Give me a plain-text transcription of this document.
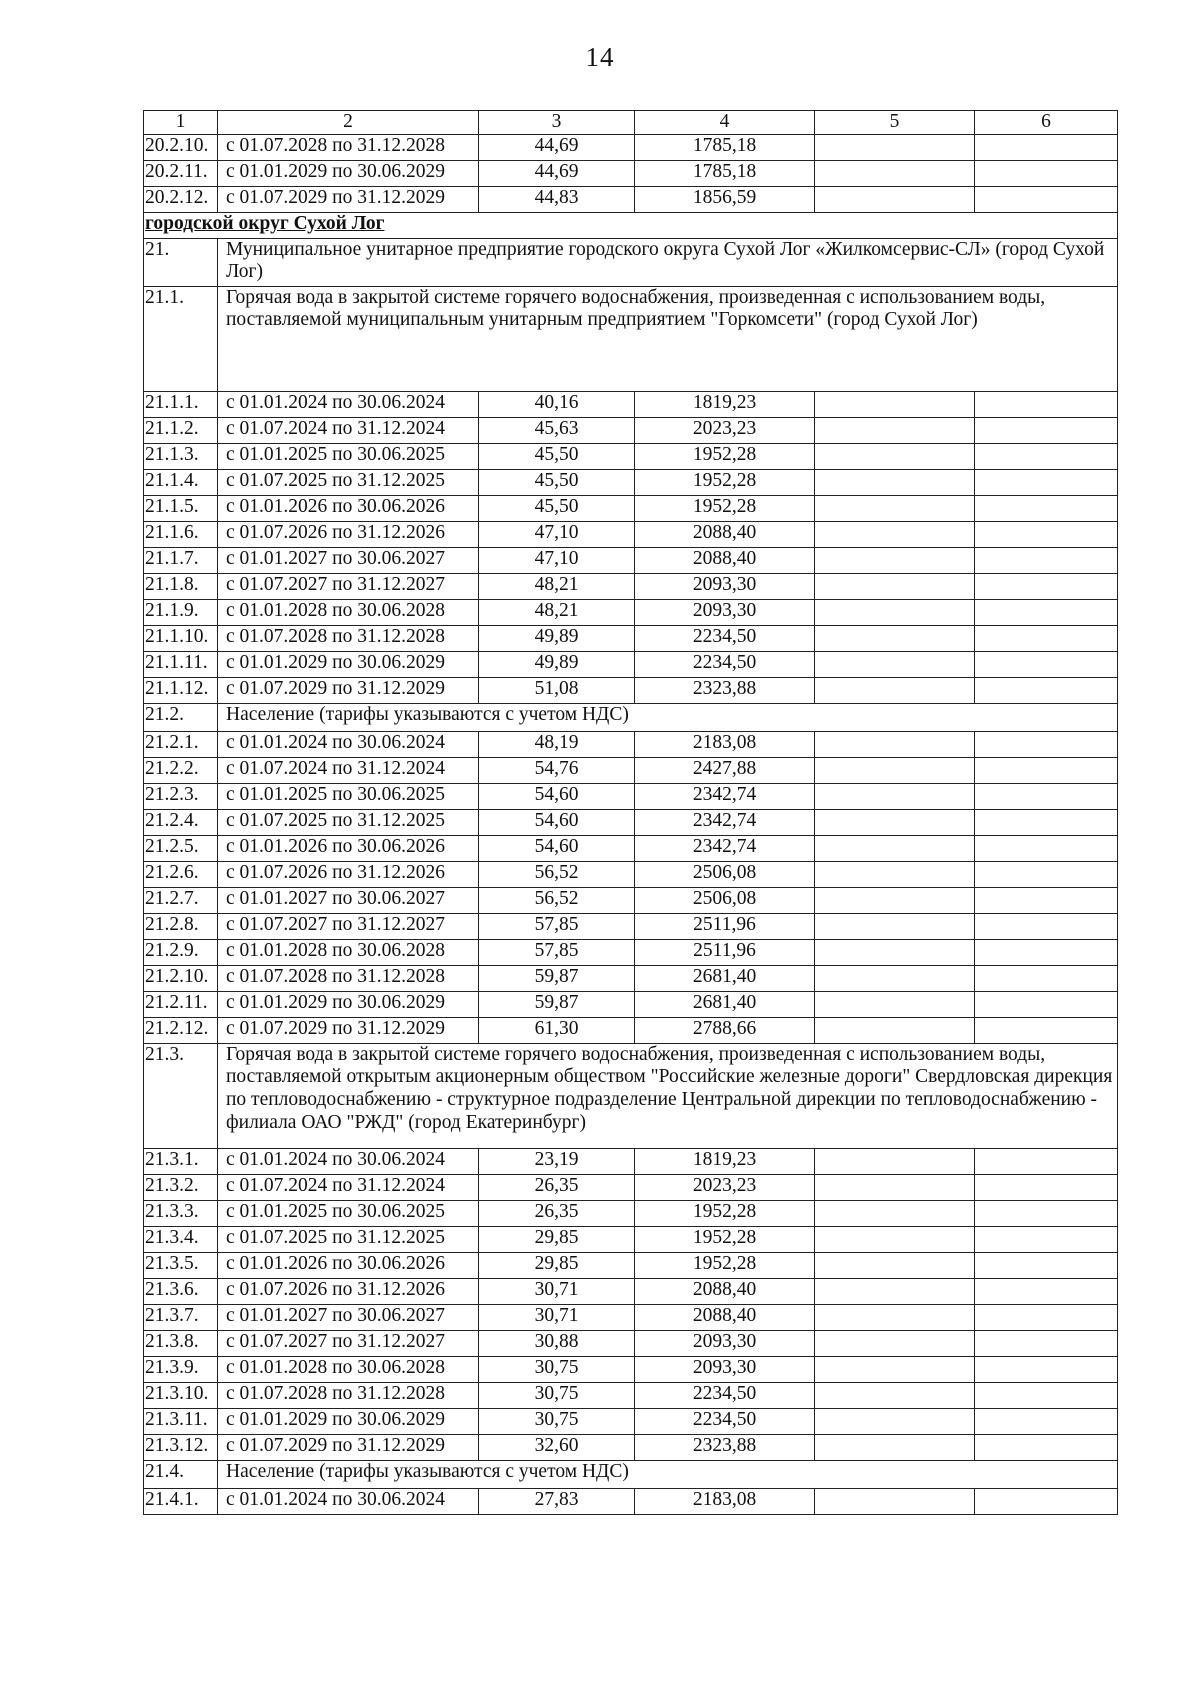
14
1	2	3	4	5	6
20.2.10.	с 01.07.2028 по 31.12.2028	44,69	1785,18		
20.2.11.	с 01.01.2029 по 30.06.2029	44,69	1785,18		
20.2.12.	с 01.07.2029 по 31.12.2029	44,83	1856,59		
городской округ Сухой Лог					
21.	Муниципальное унитарное предприятие городского округа Сухой Лог «Жилкомсервис-СЛ» (город Сухой Лог)				
21.1.	Горячая вода в закрытой системе горячего водоснабжения, произведенная с использованием воды, поставляемой муниципальным унитарным предприятием "Горкомсети" (город Сухой Лог)				
21.1.1.	с 01.01.2024 по 30.06.2024	40,16	1819,23		
21.1.2.	с 01.07.2024 по 31.12.2024	45,63	2023,23		
21.1.3.	с 01.01.2025 по 30.06.2025	45,50	1952,28		
21.1.4.	с 01.07.2025 по 31.12.2025	45,50	1952,28		
21.1.5.	с 01.01.2026 по 30.06.2026	45,50	1952,28		
21.1.6.	с 01.07.2026 по 31.12.2026	47,10	2088,40		
21.1.7.	с 01.01.2027 по 30.06.2027	47,10	2088,40		
21.1.8.	с 01.07.2027 по 31.12.2027	48,21	2093,30		
21.1.9.	с 01.01.2028 по 30.06.2028	48,21	2093,30		
21.1.10.	с 01.07.2028 по 31.12.2028	49,89	2234,50		
21.1.11.	с 01.01.2029 по 30.06.2029	49,89	2234,50		
21.1.12.	с 01.07.2029 по 31.12.2029	51,08	2323,88		
21.2.	Население (тарифы указываются с учетом НДС)				
21.2.1.	с 01.01.2024 по 30.06.2024	48,19	2183,08		
21.2.2.	с 01.07.2024 по 31.12.2024	54,76	2427,88		
21.2.3.	с 01.01.2025 по 30.06.2025	54,60	2342,74		
21.2.4.	с 01.07.2025 по 31.12.2025	54,60	2342,74		
21.2.5.	с 01.01.2026 по 30.06.2026	54,60	2342,74		
21.2.6.	с 01.07.2026 по 31.12.2026	56,52	2506,08		
21.2.7.	с 01.01.2027 по 30.06.2027	56,52	2506,08		
21.2.8.	с 01.07.2027 по 31.12.2027	57,85	2511,96		
21.2.9.	с 01.01.2028 по 30.06.2028	57,85	2511,96		
21.2.10.	с 01.07.2028 по 31.12.2028	59,87	2681,40		
21.2.11.	с 01.01.2029 по 30.06.2029	59,87	2681,40		
21.2.12.	с 01.07.2029 по 31.12.2029	61,30	2788,66		
21.3.	Горячая вода в закрытой системе горячего водоснабжения, произведенная с использованием воды, поставляемой открытым акционерным обществом "Российские железные дороги" Свердловская дирекция по тепловодоснабжению - структурное подразделение Центральной дирекции по тепловодоснабжению - филиала ОАО "РЖД" (город Екатеринбург)				
21.3.1.	с 01.01.2024 по 30.06.2024	23,19	1819,23		
21.3.2.	с 01.07.2024 по 31.12.2024	26,35	2023,23		
21.3.3.	с 01.01.2025 по 30.06.2025	26,35	1952,28		
21.3.4.	с 01.07.2025 по 31.12.2025	29,85	1952,28		
21.3.5.	с 01.01.2026 по 30.06.2026	29,85	1952,28		
21.3.6.	с 01.07.2026 по 31.12.2026	30,71	2088,40		
21.3.7.	с 01.01.2027 по 30.06.2027	30,71	2088,40		
21.3.8.	с 01.07.2027 по 31.12.2027	30,88	2093,30		
21.3.9.	с 01.01.2028 по 30.06.2028	30,75	2093,30		
21.3.10.	с 01.07.2028 по 31.12.2028	30,75	2234,50		
21.3.11.	с 01.01.2029 по 30.06.2029	30,75	2234,50		
21.3.12.	с 01.07.2029 по 31.12.2029	32,60	2323,88		
21.4.	Население (тарифы указываются с учетом НДС)				
21.4.1.	с 01.01.2024 по 30.06.2024	27,83	2183,08		
